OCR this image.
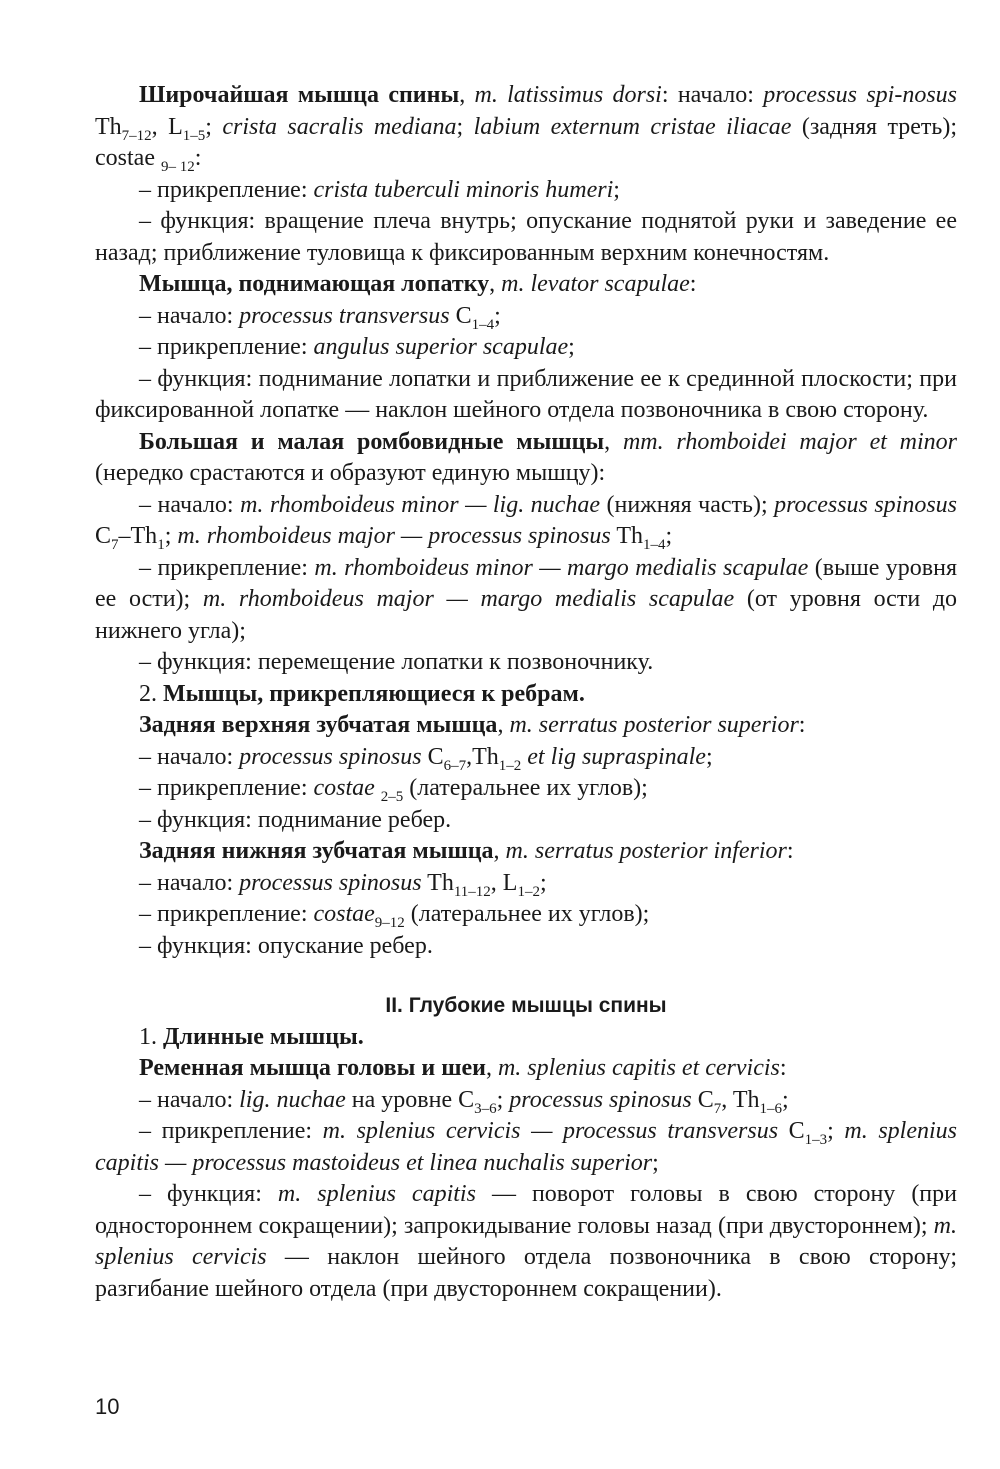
Широчайшая мышца спины, m. latissimus dorsi: начало: processus spi-nosus $Th_{7-12}$, $L_{1-5}$; crista sacralis mediana; labium externum cristae iliacae (задняя треть); costae $_{9- 12}$:

– прикрепление: crista tuberculi minoris humeri;

– функция: вращение плеча внутрь; опускание поднятой руки и заведение ее назад; приближение туловища к фиксированным верхним конечностям.

Мышца, поднимающая лопатку, m. levator scapulae:

– начало: processus transversus $C_{1-4}$;

– прикрепление: angulus superior scapulae;

– функция: поднимание лопатки и приближение ее к срединной плоскости; при фиксированной лопатке — наклон шейного отдела позвоночника в свою сторону.

Большая и малая ромбовидные мышцы, mm. rhomboidei major et minor (нередко срастаются и образуют единую мышцу):

– начало: m. rhomboideus minor — lig. nuchae (нижняя часть); processus spinosus $C_7-Th_1$; m. rhomboideus major — processus spinosus $Th_{1-4}$;

– прикрепление: m. rhomboideus minor — margo medialis scapulae (выше уровня ее ости); m. rhomboideus major — margo medialis scapulae (от уровня ости до нижнего угла);

– функция: перемещение лопатки к позвоночнику.

2. Мышцы, прикрепляющиеся к ребрам.

Задняя верхняя зубчатая мышца, m. serratus posterior superior:

– начало: processus spinosus $C_{6-7},Th_{1-2}$ et lig supraspinale;

– прикрепление: costae $_{2-5}$ (латеральнее их углов);

– функция: поднимание ребер.

Задняя нижняя зубчатая мышца, m. serratus posterior inferior:

– начало: processus spinosus $Th_{11-12}$, $L_{1-2}$;

– прикрепление: costae$_{9-12}$ (латеральнее их углов);

– функция: опускание ребер.

II. Глубокие мышцы спины

1. Длинные мышцы.

Ременная мышца головы и шеи, m. splenius capitis et cervicis:

– начало: lig. nuchae на уровне $C_{3-6}$; processus spinosus $C_7$, $Th_{1-6}$;

– прикрепление: m. splenius cervicis — processus transversus $C_{1-3}$; m. splenius capitis — processus mastoideus et linea nuchalis superior;

– функция: m. splenius capitis — поворот головы в свою сторону (при одностороннем сокращении); запрокидывание головы назад (при двустороннем); m. splenius cervicis — наклон шейного отдела позвоночника в свою сторону; разгибание шейного отдела (при двустороннем сокращении).

10
